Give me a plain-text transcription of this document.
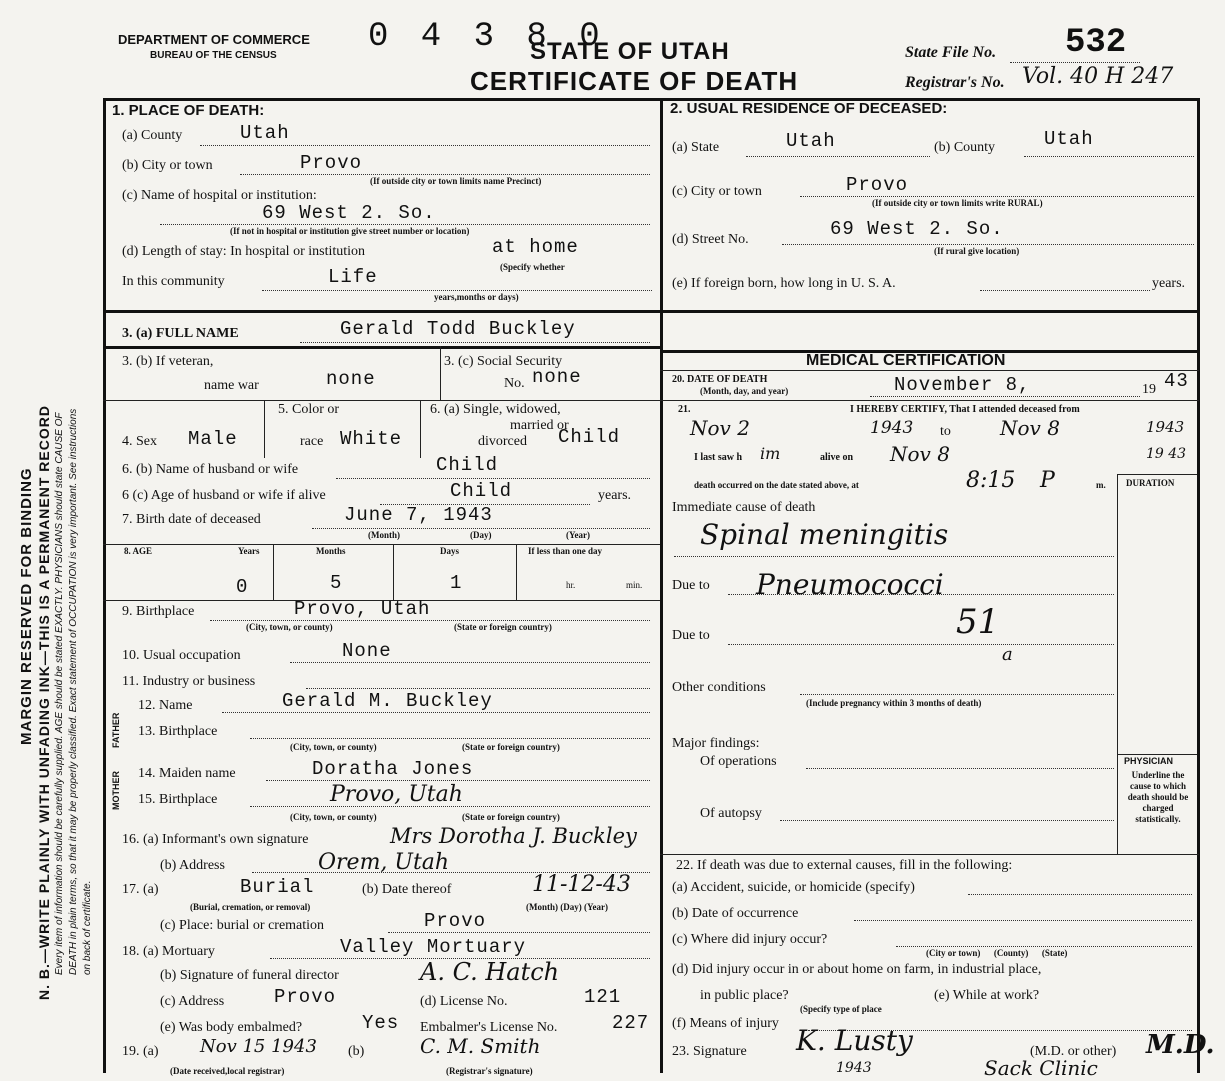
MARGIN RESERVED FOR BINDING N. B.—WRITE PLAINLY WITH UNFADING INK—THIS IS A PERMANENT RECORD Every item of information should be carefully supplied. AGE should be stated EXACTLY. PHYSICIANS should state CAUSE OF DEATH in plain terms, so that it may be properly classified. Exact statement of OCCUPATION is very important. See instructions on back of certificate.
DEPARTMENT OF COMMERCE
BUREAU OF THE CENSUS	0 4 3 8 0
STATE OF UTAH
CERTIFICATE OF DEATH
State File No. 532
Registrar's No. Vol. 40 H 247
1. PLACE OF DEATH:
(a) County	Utah
(b) City or town	Provo
(If outside city or town limits name Precinct)
(c) Name of hospital or institution:
69 West 2. So.
(If not in hospital or institution give street number or location)
(d) Length of stay: In hospital or institution	at home
(Specify whether
In this community	Life
years,months or days)
2. USUAL RESIDENCE OF DECEASED:
(a) State	Utah	(b) County	Utah
(c) City or town	Provo
(If outside city or town limits write RURAL)
(d) Street No.	69 West 2. So.
(If rural give location)
(e) If foreign born, how long in U. S. A.	years.
3. (a) FULL NAME	Gerald Todd Buckley
3. (b) If veteran,
name war	none
3. (c) Social Security
No. none
4. Sex Male
5. Color or
race White
6. (a) Single, widowed,
married or
divorced Child
6. (b) Name of husband or wife	Child
6 (c) Age of husband or wife if alive	Child	years.
7. Birth date of deceased	June 7, 1943
(Month)	(Day)	(Year)
8. AGE	Years	Months	Days	If less than one day
0	5	1	hr.	min.
9. Birthplace	Provo, Utah
(City, town, or county)	(State or foreign country)
10. Usual occupation	None
11. Industry or business
FATHER
MOTHER
12. Name	Gerald M. Buckley
13. Birthplace
(City, town, or county)	(State or foreign country)
14. Maiden name	Doratha Jones
15. Birthplace	Provo, Utah
(City, town, or county)	(State or foreign country)
16. (a) Informant's own signature	Mrs Dorotha J. Buckley
(b) Address	Orem, Utah
17. (a)	Burial
(Burial, cremation, or removal)
(b) Date thereof	11-12-43
(Month) (Day) (Year)
(c) Place: burial or cremation	Provo
18. (a) Mortuary	Valley Mortuary
(b) Signature of funeral director	A. C. Hatch
(c) Address	Provo	(d) License No.	121
(e) Was body embalmed?	Yes Embalmer's License No.	227
19. (a) Nov 15 1943 (b)	C. M. Smith
(Date received,local registrar)	(Registrar's signature)
MEDICAL CERTIFICATION
20. DATE OF DEATH
(Month, day, and year)	November 8,	19 43
21.	I HEREBY CERTIFY, That I attended deceased from
Nov 2	1943 to Nov 8	1943
I last saw h im	alive on Nov 8	19 43
death occurred on the date stated above, at	8:15 P	m. DURATION
Immediate cause of death
Spinal meningitis
Due to Pneumococci
Due to	51
a
Other conditions
(Include pregnancy within 3 months of death)
Major findings:
Of operations
Of autopsy
PHYSICIAN
Underline the cause to which death should be charged statistically.
22. If death was due to external causes, fill in the following:
(a) Accident, suicide, or homicide (specify)
(b) Date of occurrence
(c) Where did injury occur?
(City or town)      (County)      (State)
(d) Did injury occur in or about home on farm, in industrial place,
in public place?
(Specify type of place
(e) While at work?
(f) Means of injury
23. Signature K. Lusty	(M.D. or other) M.D.
1943	Sack Clinic
